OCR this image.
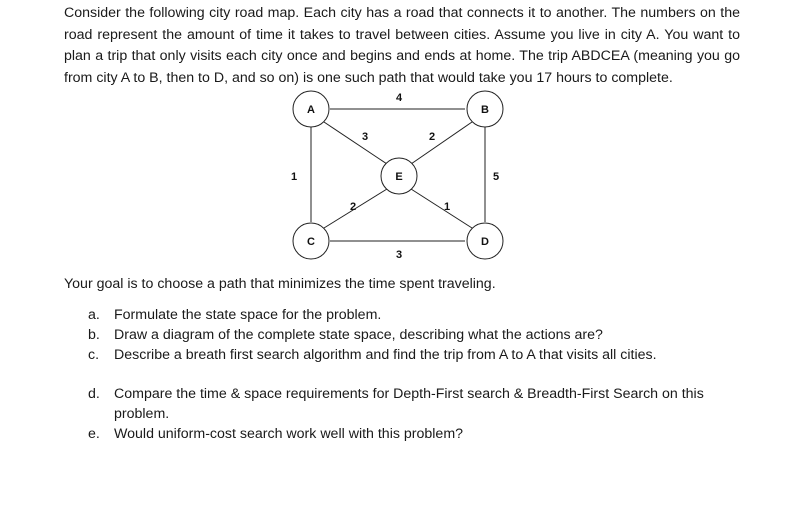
Consider the following city road map. Each city has a road that connects it to another. The numbers on the road represent the amount of time it takes to travel between cities. Assume you live in city A. You want to plan a trip that only visits each city once and begins and ends at home. The trip ABDCEA (meaning you go from city A to B, then to D, and so on) is one such path that would take you 17 hours to complete.

A	B
C	D
E
4
1	5
3
3	2
2	1

Your goal is to choose a path that minimizes the time spent traveling.

a. Formulate the state space for the problem.
b. Draw a diagram of the complete state space, describing what the actions are?
c. Describe a breath first search algorithm and find the trip from A to A that visits all cities.
d. Compare the time & space requirements for Depth-First search & Breadth-First Search on this problem.
e. Would uniform-cost search work well with this problem?
